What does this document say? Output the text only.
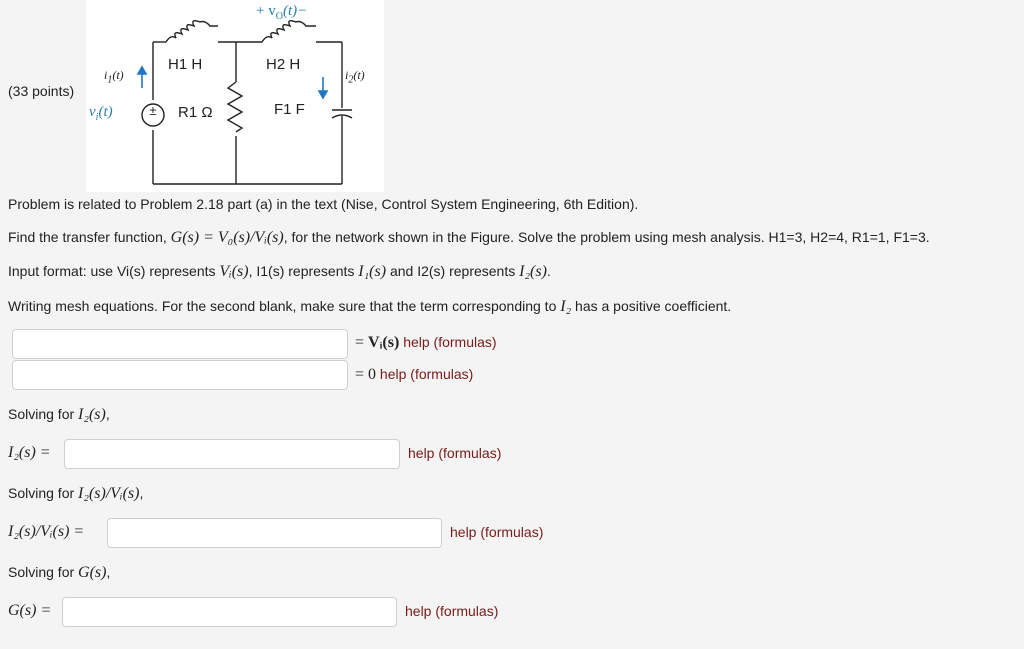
(33 points)
±
+ $v_O(t)-$
H1 H	H2 H
R1 Ω	F1 F
$i_1(t)$	$i_2(t)$
$v_i(t)$
Problem is related to Problem 2.18 part (a) in the text (Nise, Control System Engineering, 6th Edition).
Find the transfer function, G(s) = V₀(s)/Vᵢ(s), for the network shown in the Figure. Solve the problem using mesh analysis. H1=3, H2=4, R1=1, F1=3.
Input format: use Vi(s) represents Vᵢ(s), I1(s) represents I₁(s) and I2(s) represents I₂(s).
Writing mesh equations. For the second blank, make sure that the term corresponding to I₂ has a positive coefficient.
= Vᵢ(s) help (formulas)
= 0 help (formulas)
Solving for I₂(s),
I₂(s) =	help (formulas)
Solving for I₂(s)/Vᵢ(s),
I₂(s)/Vᵢ(s) =	help (formulas)
Solving for G(s),
G(s) =	help (formulas)
